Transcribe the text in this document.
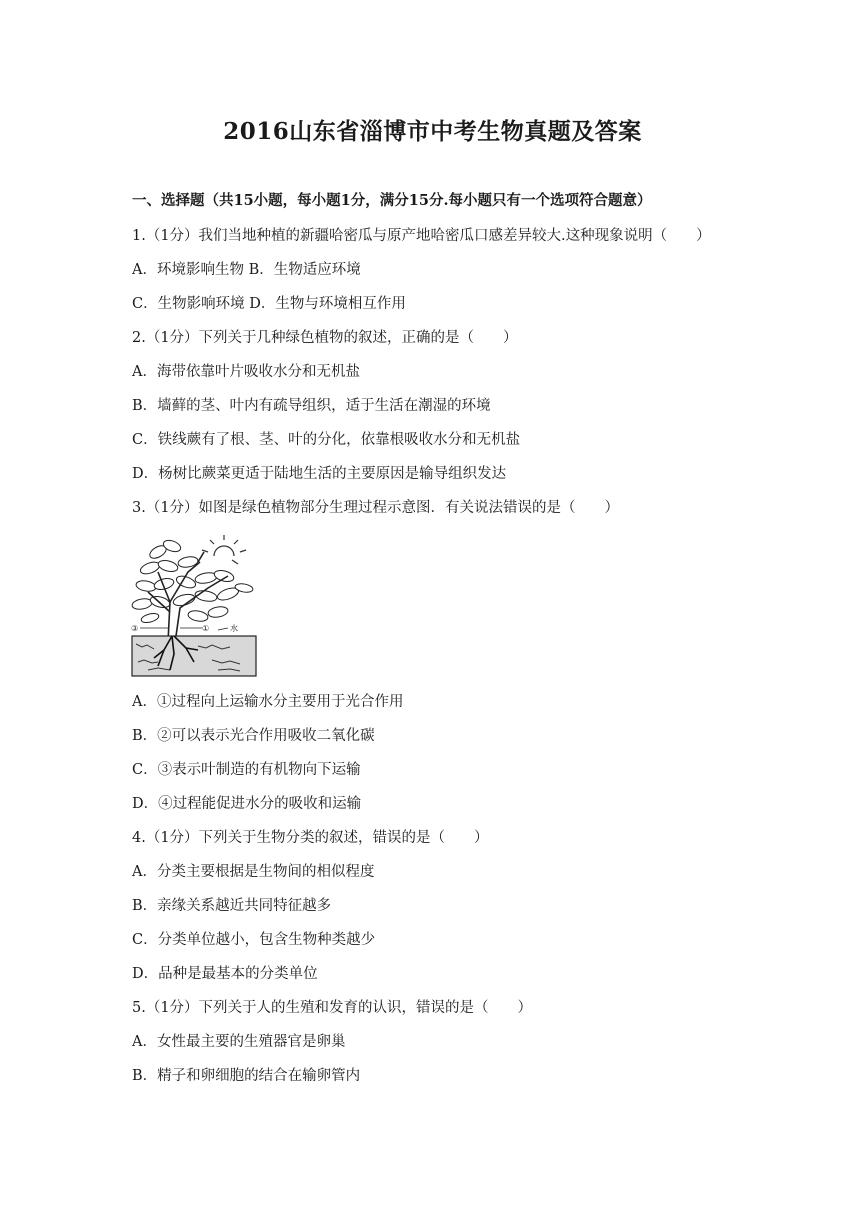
2016山东省淄博市中考生物真题及答案
一、选择题（共15小题，每小题1分，满分15分.每小题只有一个选项符合题意）
1.（1分）我们当地种植的新疆哈密瓜与原产地哈密瓜口感差异较大.这种现象说明（　　）
A．环境影响生物 B．生物适应环境
C．生物影响环境 D．生物与环境相互作用
2.（1分）下列关于几种绿色植物的叙述，正确的是（　　）
A．海带依靠叶片吸收水分和无机盐
B．墙藓的茎、叶内有疏导组织，适于生活在潮湿的环境
C．铁线蕨有了根、茎、叶的分化，依靠根吸收水分和无机盐
D．杨树比蕨菜更适于陆地生活的主要原因是输导组织发达
3.（1分）如图是绿色植物部分生理过程示意图．有关说法错误的是（　　）
③	①	水
A．①过程向上运输水分主要用于光合作用
B．②可以表示光合作用吸收二氧化碳
C．③表示叶制造的有机物向下运输
D．④过程能促进水分的吸收和运输
4.（1分）下列关于生物分类的叙述，错误的是（　　）
A．分类主要根据是生物间的相似程度
B．亲缘关系越近共同特征越多
C．分类单位越小，包含生物种类越少
D．品种是最基本的分类单位
5.（1分）下列关于人的生殖和发育的认识，错误的是（　　）
A．女性最主要的生殖器官是卵巢
B．精子和卵细胞的结合在输卵管内
